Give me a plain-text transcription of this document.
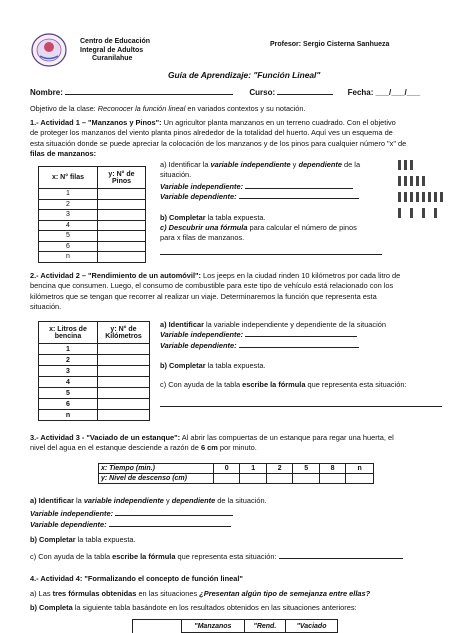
Centro de Educación
Integral de Adultos
Curanilahue
Profesor: Sergio Cisterna Sanhueza
Guía de Aprendizaje: "Función Lineal"
Nombre:	Curso:	Fecha: ___/___/___
Objetivo de la clase: Reconocer la función lineal en variados contextos y su notación.
1.- Actividad 1 – "Manzanos y Pinos": Un agricultor planta manzanos en un terreno cuadrado. Con el objetivo
de proteger los manzanos del viento planta pinos alrededor de la totalidad del huerto. Aquí ves un esquema de
esta situación donde se puede apreciar la colocación de los manzanos y de los pinos para cualquier número "x" de
filas de manzanos:
x: N° filas	y: N° de Pinos
1	
2	
3	
4	
5	
6	
n	
a) Identificar la variable independiente y dependiente de la situación.
Variable independiente:
Variable dependiente:
b) Completar la tabla expuesta.
c) Descubrir una fórmula para calcular el número de pinos
para x filas de manzanos.
2.- Actividad 2 – "Rendimiento de un automóvil": Los jeeps en la ciudad rinden 10 kilómetros por cada litro de
bencina que consumen. Luego, el consumo de combustible para este tipo de vehículo está relacionado con los
kilómetros que se tengan que recorrer al realizar un viaje. Determinaremos la función que representa esta
situación.
x: Litros de bencina	y: N° de Kilómetros
1	
2	
3	
4	
5	
6	
n	
a) Identificar la variable independiente y dependiente de la situación
Variable independiente:
Variable dependiente:
b) Completar la tabla expuesta.
c) Con ayuda de la tabla escribe la fórmula que representa esta situación:
3.- Actividad 3 - "Vaciado de un estanque": Al abrir las compuertas de un estanque para regar una huerta, el
nivel del agua en el estanque desciende a razón de 6 cm por minuto.
x: Tiempo (min.)	0	1	2	5	8	n
y: Nivel de descenso (cm)						
a) Identificar la variable independiente y dependiente de la situación.
Variable independiente:
Variable dependiente:
b) Completar la tabla expuesta.
c) Con ayuda de la tabla escribe la fórmula que representa esta situación:
4.- Actividad 4: "Formalizando el concepto de función lineal"
a) Las tres fórmulas obtenidas en las situaciones ¿Presentan algún tipo de semejanza entre ellas?
b) Completa la siguiente tabla basándote en los resultados obtenidos en las situaciones anteriores:
	"Manzanos	"Rend.	"Vaciado
